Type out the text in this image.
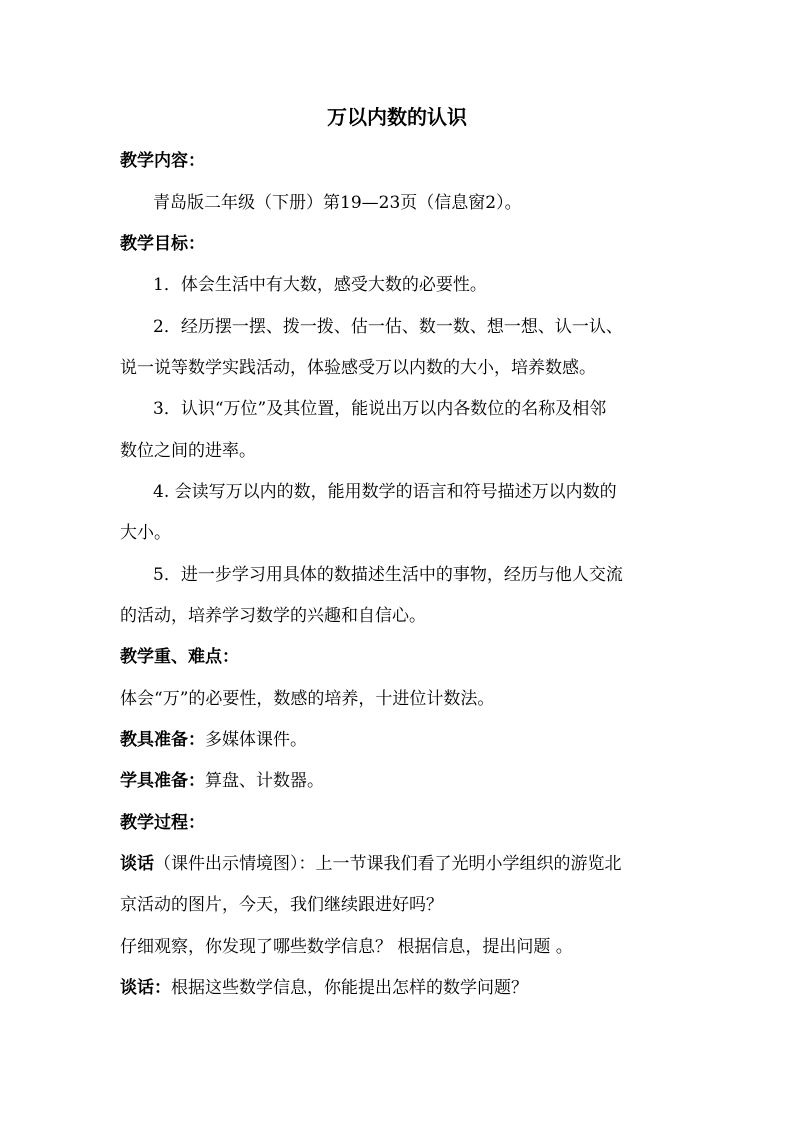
万以内数的认识
教学内容：
青岛版二年级（下册）第19—23页（信息窗2）。
教学目标：
1．体会生活中有大数，感受大数的必要性。
2．经历摆一摆、拨一拨、估一估、数一数、想一想、认一认、
说一说等数学实践活动，体验感受万以内数的大小，培养数感。
3．认识“万位”及其位置，能说出万以内各数位的名称及相邻
数位之间的进率。
4. 会读写万以内的数，能用数学的语言和符号描述万以内数的
大小。
5．进一步学习用具体的数描述生活中的事物，经历与他人交流
的活动，培养学习数学的兴趣和自信心。
教学重、难点：
体会“万”的必要性，数感的培养，十进位计数法。
教具准备：多媒体课件。
学具准备：算盘、计数器。
教学过程：
谈话（课件出示情境图）：上一节课我们看了光明小学组织的游览北
京活动的图片，今天，我们继续跟进好吗？
仔细观察，你发现了哪些数学信息？ 根据信息，提出问题 。
谈话：根据这些数学信息，你能提出怎样的数学问题？
